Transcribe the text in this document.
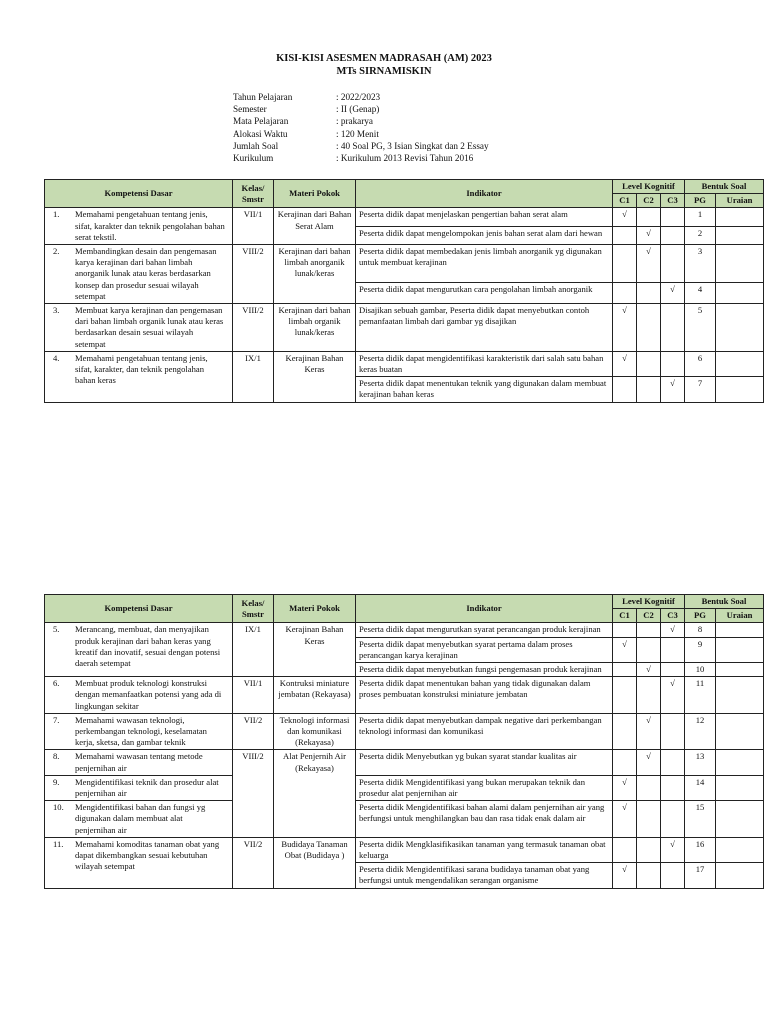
KISI-KISI ASESMEN MADRASAH (AM) 2023
MTs SIRNAMISKIN
Tahun Pelajaran	: 2022/2023
Semester	: II (Genap)
Mata Pelajaran	: prakarya
Alokasi Waktu	: 120 Menit
Jumlah Soal	: 40 Soal PG, 3 Isian Singkat dan 2 Essay
Kurikulum	: Kurikulum 2013 Revisi Tahun 2016
Kompetensi Dasar	Kelas/ Smstr	Materi Pokok	Indikator	Level Kognitif			Bentuk Soal	
				C1	C2	C3	PG	Uraian

1. Memahami pengetahuan tentang jenis, sifat, karakter dan teknik pengolahan bahan serat tekstil.	VII/1	Kerajinan dari Bahan Serat Alam	Peserta didik dapat menjelaskan pengertian bahan serat alam	√			1	
			Peserta didik dapat mengelompokan jenis bahan serat alam dari hewan		√		2	

2. Membandingkan desain dan pengemasan karya kerajinan dari bahan limbah anorganik lunak atau keras berdasarkan konsep dan prosedur sesuai wilayah setempat	VIII/2	Kerajinan dari bahan limbah anorganik lunak/keras	Peserta didik dapat membedakan jenis limbah anorganik yg digunakan untuk membuat kerajinan		√		3	
			Peserta didik dapat mengurutkan cara pengolahan limbah anorganik			√	4	

3. Membuat karya kerajinan dan pengemasan dari bahan limbah organik lunak atau keras berdasarkan desain sesuai wilayah setempat	VIII/2	Kerajinan dari bahan limbah organik lunak/keras	Disajikan sebuah gambar, Peserta didik dapat menyebutkan contoh pemanfaatan limbah dari gambar yg disajikan	√			5	

4. Memahami pengetahuan tentang jenis, sifat, karakter, dan teknik pengolahan bahan keras	IX/1	Kerajinan Bahan Keras	Peserta didik dapat mengidentifikasi karakteristik dari salah satu bahan keras buatan	√			6	
			Peserta didik dapat menentukan teknik yang digunakan dalam membuat kerajinan bahan keras			√	7	
Kompetensi Dasar	Kelas/ Smstr	Materi Pokok	Indikator	Level Kognitif			Bentuk Soal	
				C1	C2	C3	PG	Uraian

5. Merancang, membuat, dan menyajikan produk kerajinan dari bahan keras yang kreatif dan inovatif, sesuai dengan potensi daerah setempat	IX/1	Kerajinan Bahan Keras	Peserta didik dapat mengurutkan syarat perancangan produk kerajinan			√	8	
			Peserta didik dapat menyebutkan syarat pertama dalam proses perancangan karya kerajinan	√			9	
			Peserta didik dapat menyebutkan fungsi pengemasan produk kerajinan		√		10	

6. Membuat produk teknologi konstruksi dengan memanfaatkan potensi yang ada di lingkungan sekitar	VII/1	Kontruksi miniature jembatan (Rekayasa)	Peserta didik dapat menentukan bahan yang tidak digunakan dalam proses pembuatan konstruksi miniature jembatan			√	11	

7. Memahami wawasan teknologi, perkembangan teknologi, keselamatan kerja, sketsa, dan gambar teknik	VII/2	Teknologi informasi dan komunikasi (Rekayasa)	Peserta didik dapat menyebutkan dampak negative dari perkembangan teknologi informasi dan komunikasi		√		12	

8. Memahami wawasan tentang metode penjernihan air	VIII/2	Alat Penjernih Air (Rekayasa)	Peserta didik Menyebutkan yg bukan syarat standar kualitas air		√		13	

9. Mengidentifikasi teknik dan prosedur alat penjernihan air			Peserta didik Mengidentifikasi yang bukan merupakan teknik dan prosedur alat penjernihan air	√			14	

10. Mengidentifikasi bahan dan fungsi yg digunakan dalam membuat alat penjernihan air			Peserta didik Mengidentifikasi bahan alami dalam penjernihan air yang berfungsi untuk menghilangkan bau dan rasa tidak enak dalam air	√			15	

11. Memahami komoditas tanaman obat yang dapat dikembangkan sesuai kebutuhan wilayah setempat	VII/2	Budidaya Tanaman Obat (Budidaya )	Peserta didik Mengklasifikasikan tanaman yang termasuk tanaman obat keluarga			√	16	
			Peserta didik Mengidentifikasi sarana budidaya tanaman obat yang berfungsi untuk mengendalikan serangan organisme	√			17	
